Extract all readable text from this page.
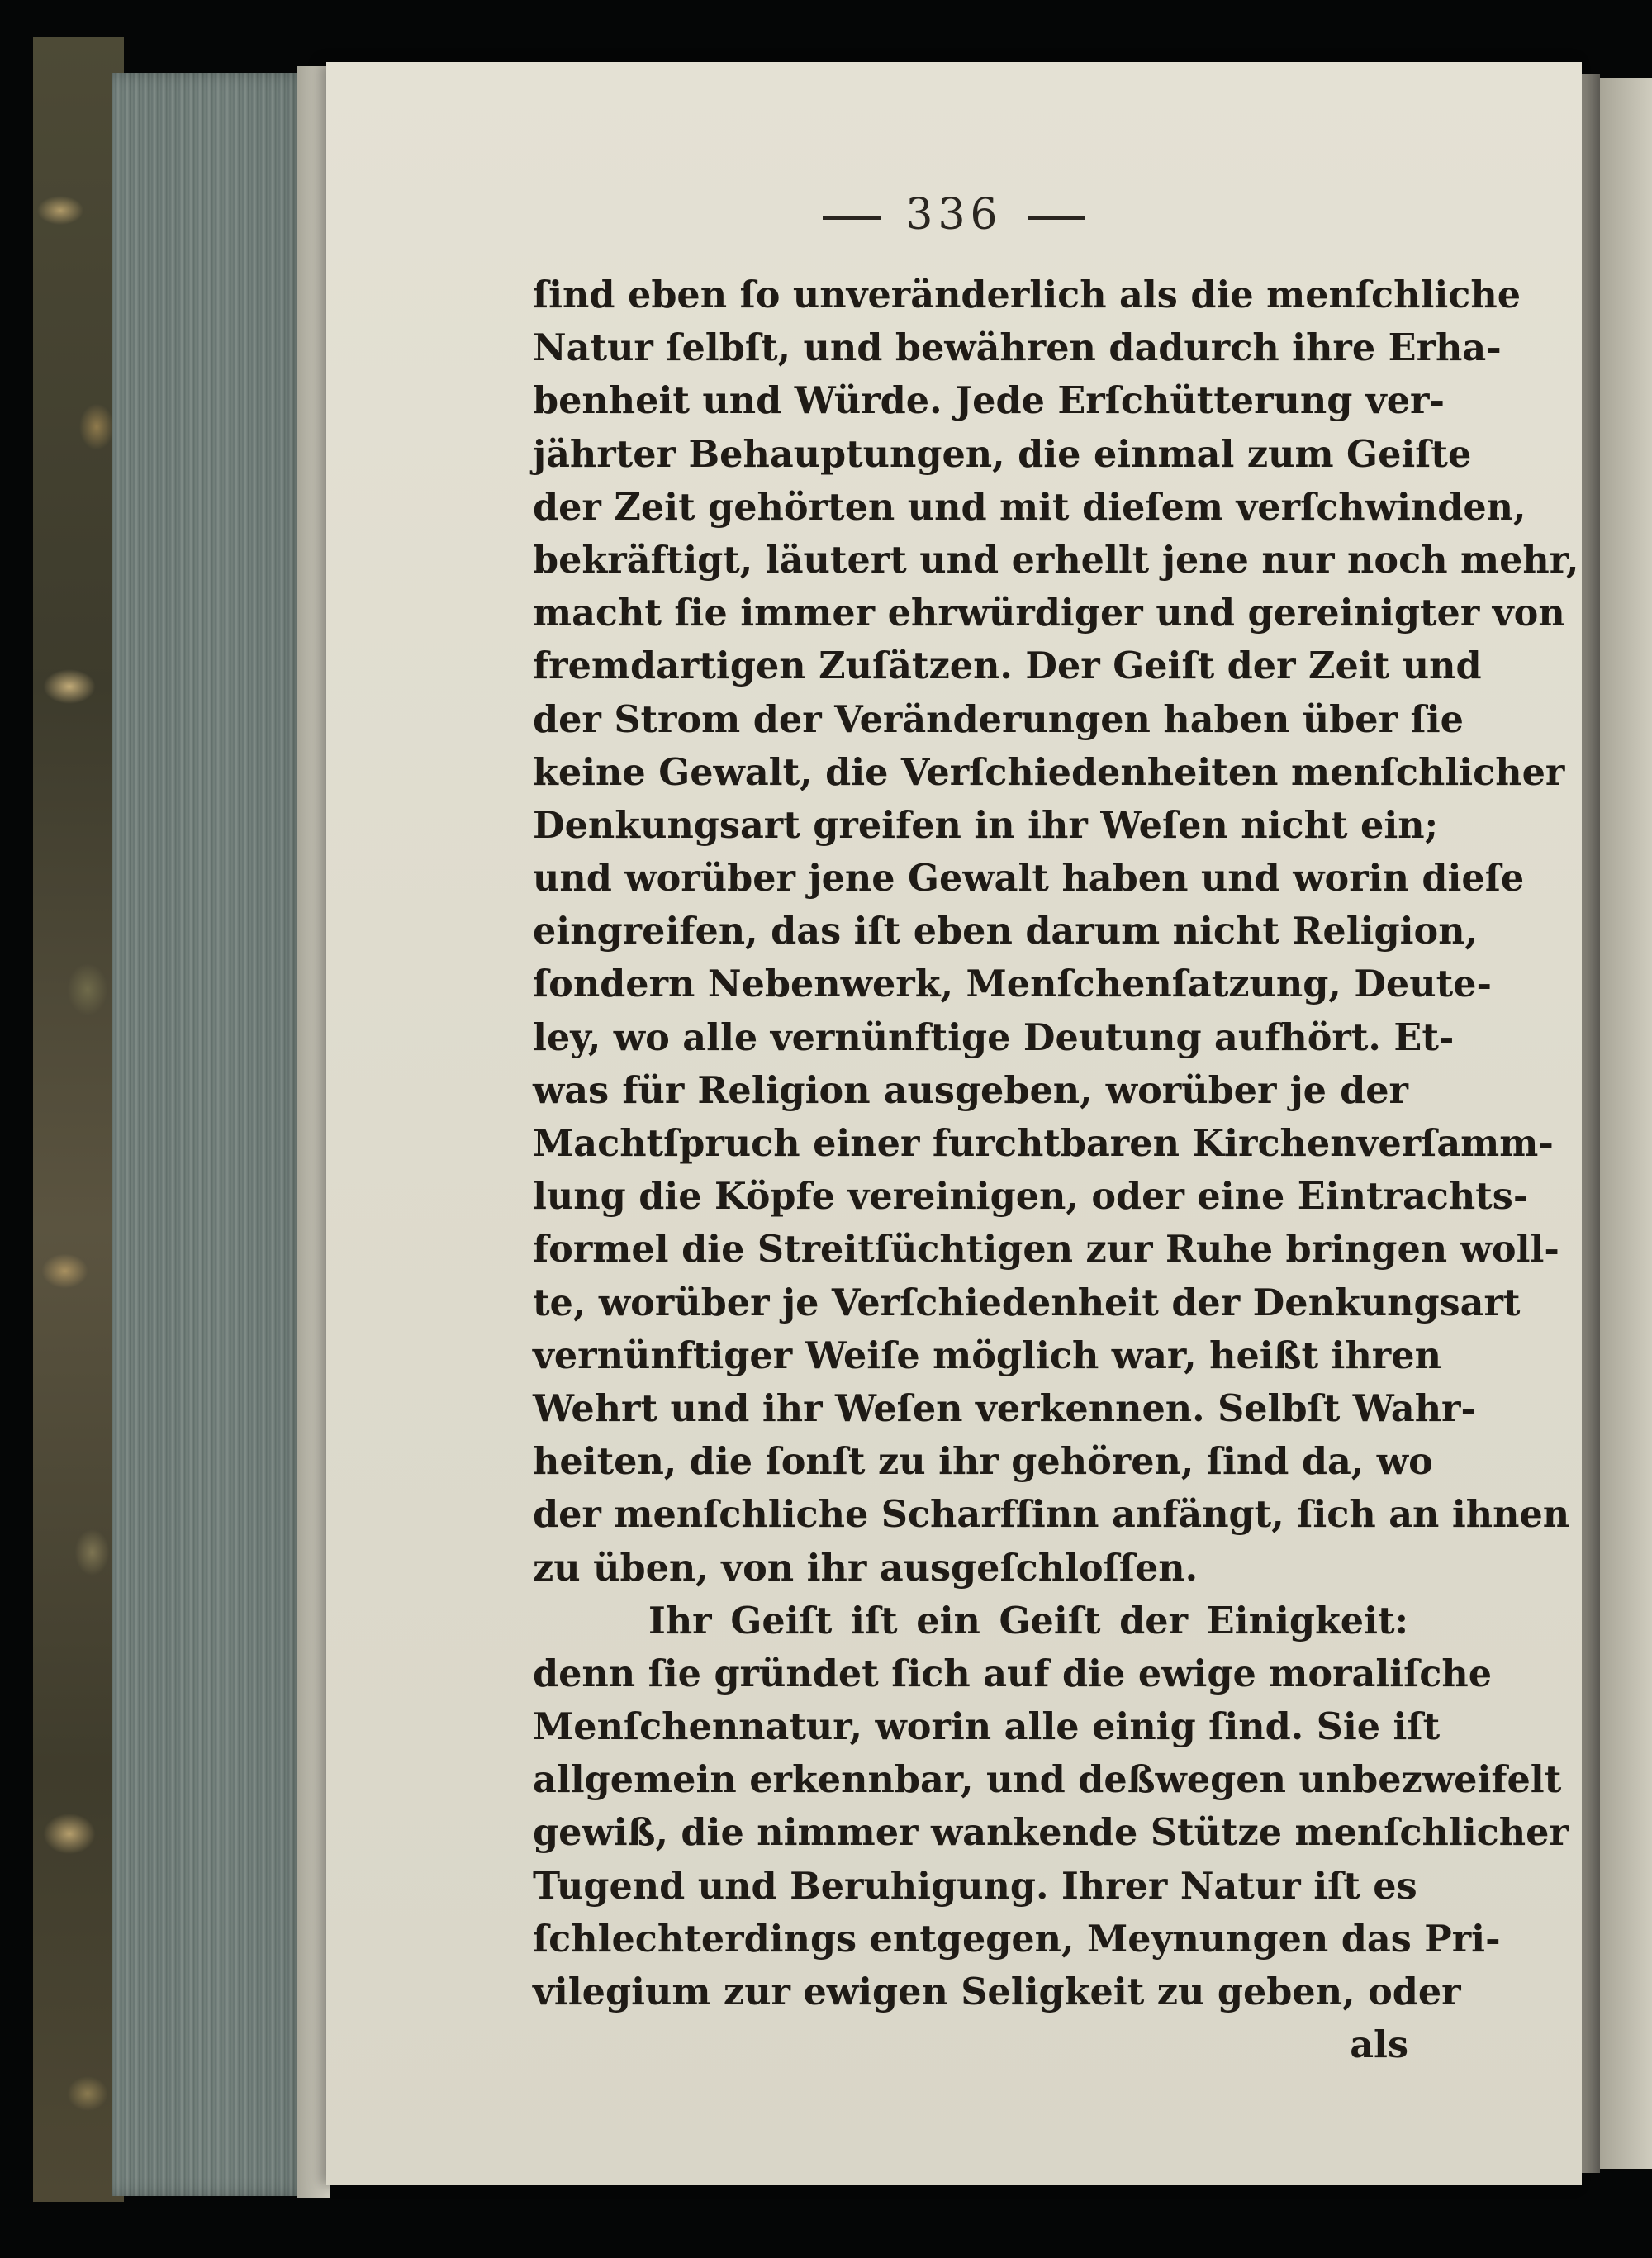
336
ſind eben ſo unveränderlich als die menſchliche
Natur ſelbſt, und bewähren dadurch ihre Erha-
benheit und Würde. Jede Erſchütterung ver-
jährter Behauptungen, die einmal zum Geiſte
der Zeit gehörten und mit dieſem verſchwinden,
bekräftigt, läutert und erhellt jene nur noch mehr,
macht ſie immer ehrwürdiger und gereinigter von
fremdartigen Zuſätzen. Der Geiſt der Zeit und
der Strom der Veränderungen haben über ſie
keine Gewalt, die Verſchiedenheiten menſchlicher
Denkungsart greifen in ihr Weſen nicht ein;
und worüber jene Gewalt haben und worin dieſe
eingreifen, das iſt eben darum nicht Religion,
ſondern Nebenwerk, Menſchenſatzung, Deute-
ley, wo alle vernünftige Deutung aufhört. Et-
was für Religion ausgeben, worüber je der
Machtſpruch einer furchtbaren Kirchenverſamm-
lung die Köpfe vereinigen, oder eine Eintrachts-
formel die Streitſüchtigen zur Ruhe bringen woll-
te, worüber je Verſchiedenheit der Denkungsart
vernünftiger Weiſe möglich war, heißt ihren
Wehrt und ihr Weſen verkennen. Selbſt Wahr-
heiten, die ſonſt zu ihr gehören, ſind da, wo
der menſchliche Scharfſinn anfängt, ſich an ihnen
zu üben, von ihr ausgeſchloſſen.
Ihr Geiſt iſt ein Geiſt der Einigkeit:
denn ſie gründet ſich auf die ewige moraliſche
Menſchennatur, worin alle einig ſind. Sie iſt
allgemein erkennbar, und deßwegen unbezweifelt
gewiß, die nimmer wankende Stütze menſchlicher
Tugend und Beruhigung. Ihrer Natur iſt es
ſchlechterdings entgegen, Meynungen das Pri-
vilegium zur ewigen Seligkeit zu geben, oder
als
